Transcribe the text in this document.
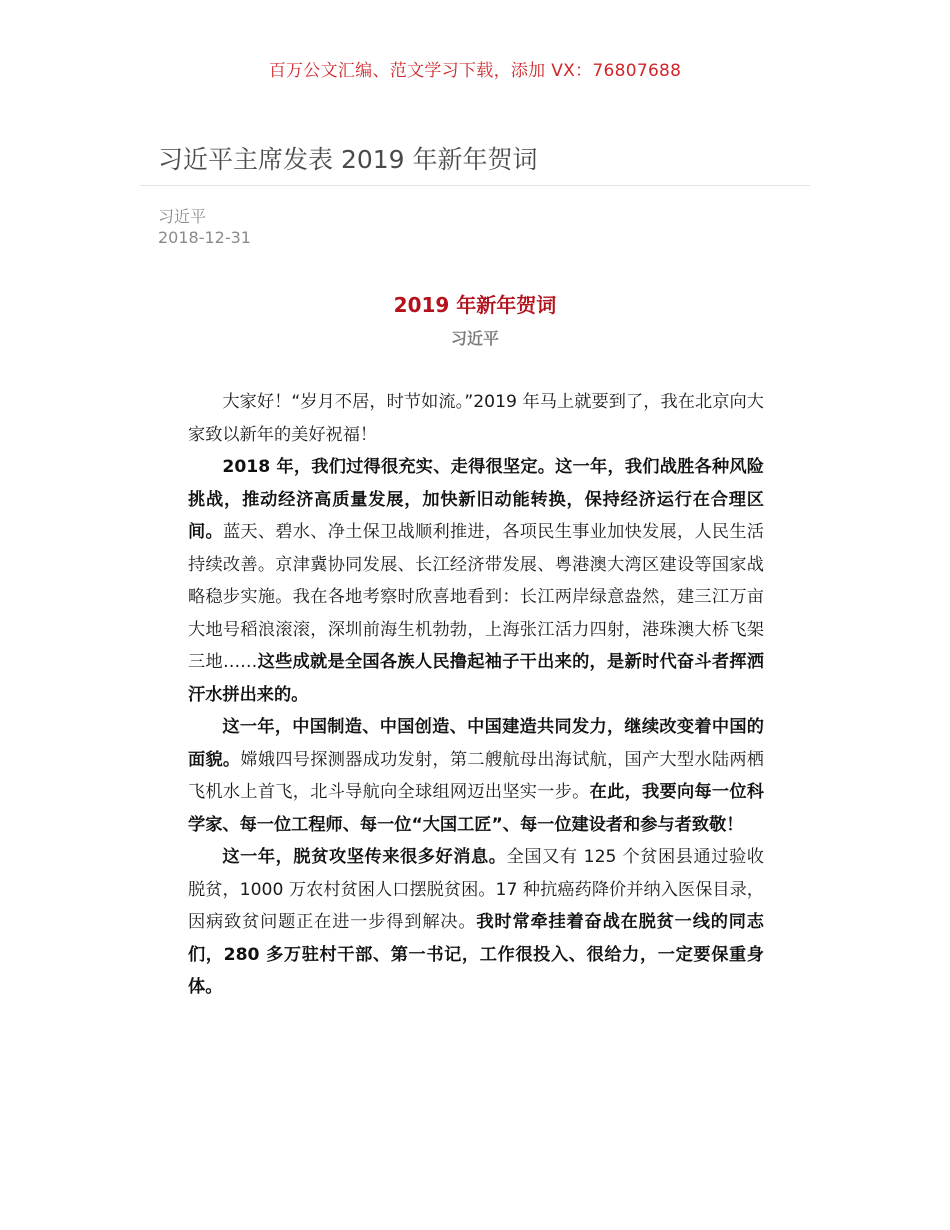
百万公文汇编、范文学习下载，添加 VX：76807688
习近平主席发表 2019 年新年贺词
习近平
2018-12-31
2019 年新年贺词
习近平

大家好！“岁月不居，时节如流。”2019 年马上就要到了，我在北京向大家致以新年的美好祝福！

2018 年，我们过得很充实、走得很坚定。这一年，我们战胜各种风险挑战，推动经济高质量发展，加快新旧动能转换，保持经济运行在合理区间。蓝天、碧水、净土保卫战顺利推进，各项民生事业加快发展，人民生活持续改善。京津冀协同发展、长江经济带发展、粤港澳大湾区建设等国家战略稳步实施。我在各地考察时欣喜地看到：长江两岸绿意盎然，建三江万亩大地号稻浪滚滚，深圳前海生机勃勃，上海张江活力四射，港珠澳大桥飞架三地……这些成就是全国各族人民撸起袖子干出来的，是新时代奋斗者挥洒汗水拼出来的。

这一年，中国制造、中国创造、中国建造共同发力，继续改变着中国的面貌。嫦娥四号探测器成功发射，第二艘航母出海试航，国产大型水陆两栖飞机水上首飞，北斗导航向全球组网迈出坚实一步。在此，我要向每一位科学家、每一位工程师、每一位“大国工匠”、每一位建设者和参与者致敬！

这一年，脱贫攻坚传来很多好消息。全国又有 125 个贫困县通过验收脱贫，1000 万农村贫困人口摆脱贫困。17 种抗癌药降价并纳入医保目录，因病致贫问题正在进一步得到解决。我时常牵挂着奋战在脱贫一线的同志们，280 多万驻村干部、第一书记，工作很投入、很给力，一定要保重身体。
